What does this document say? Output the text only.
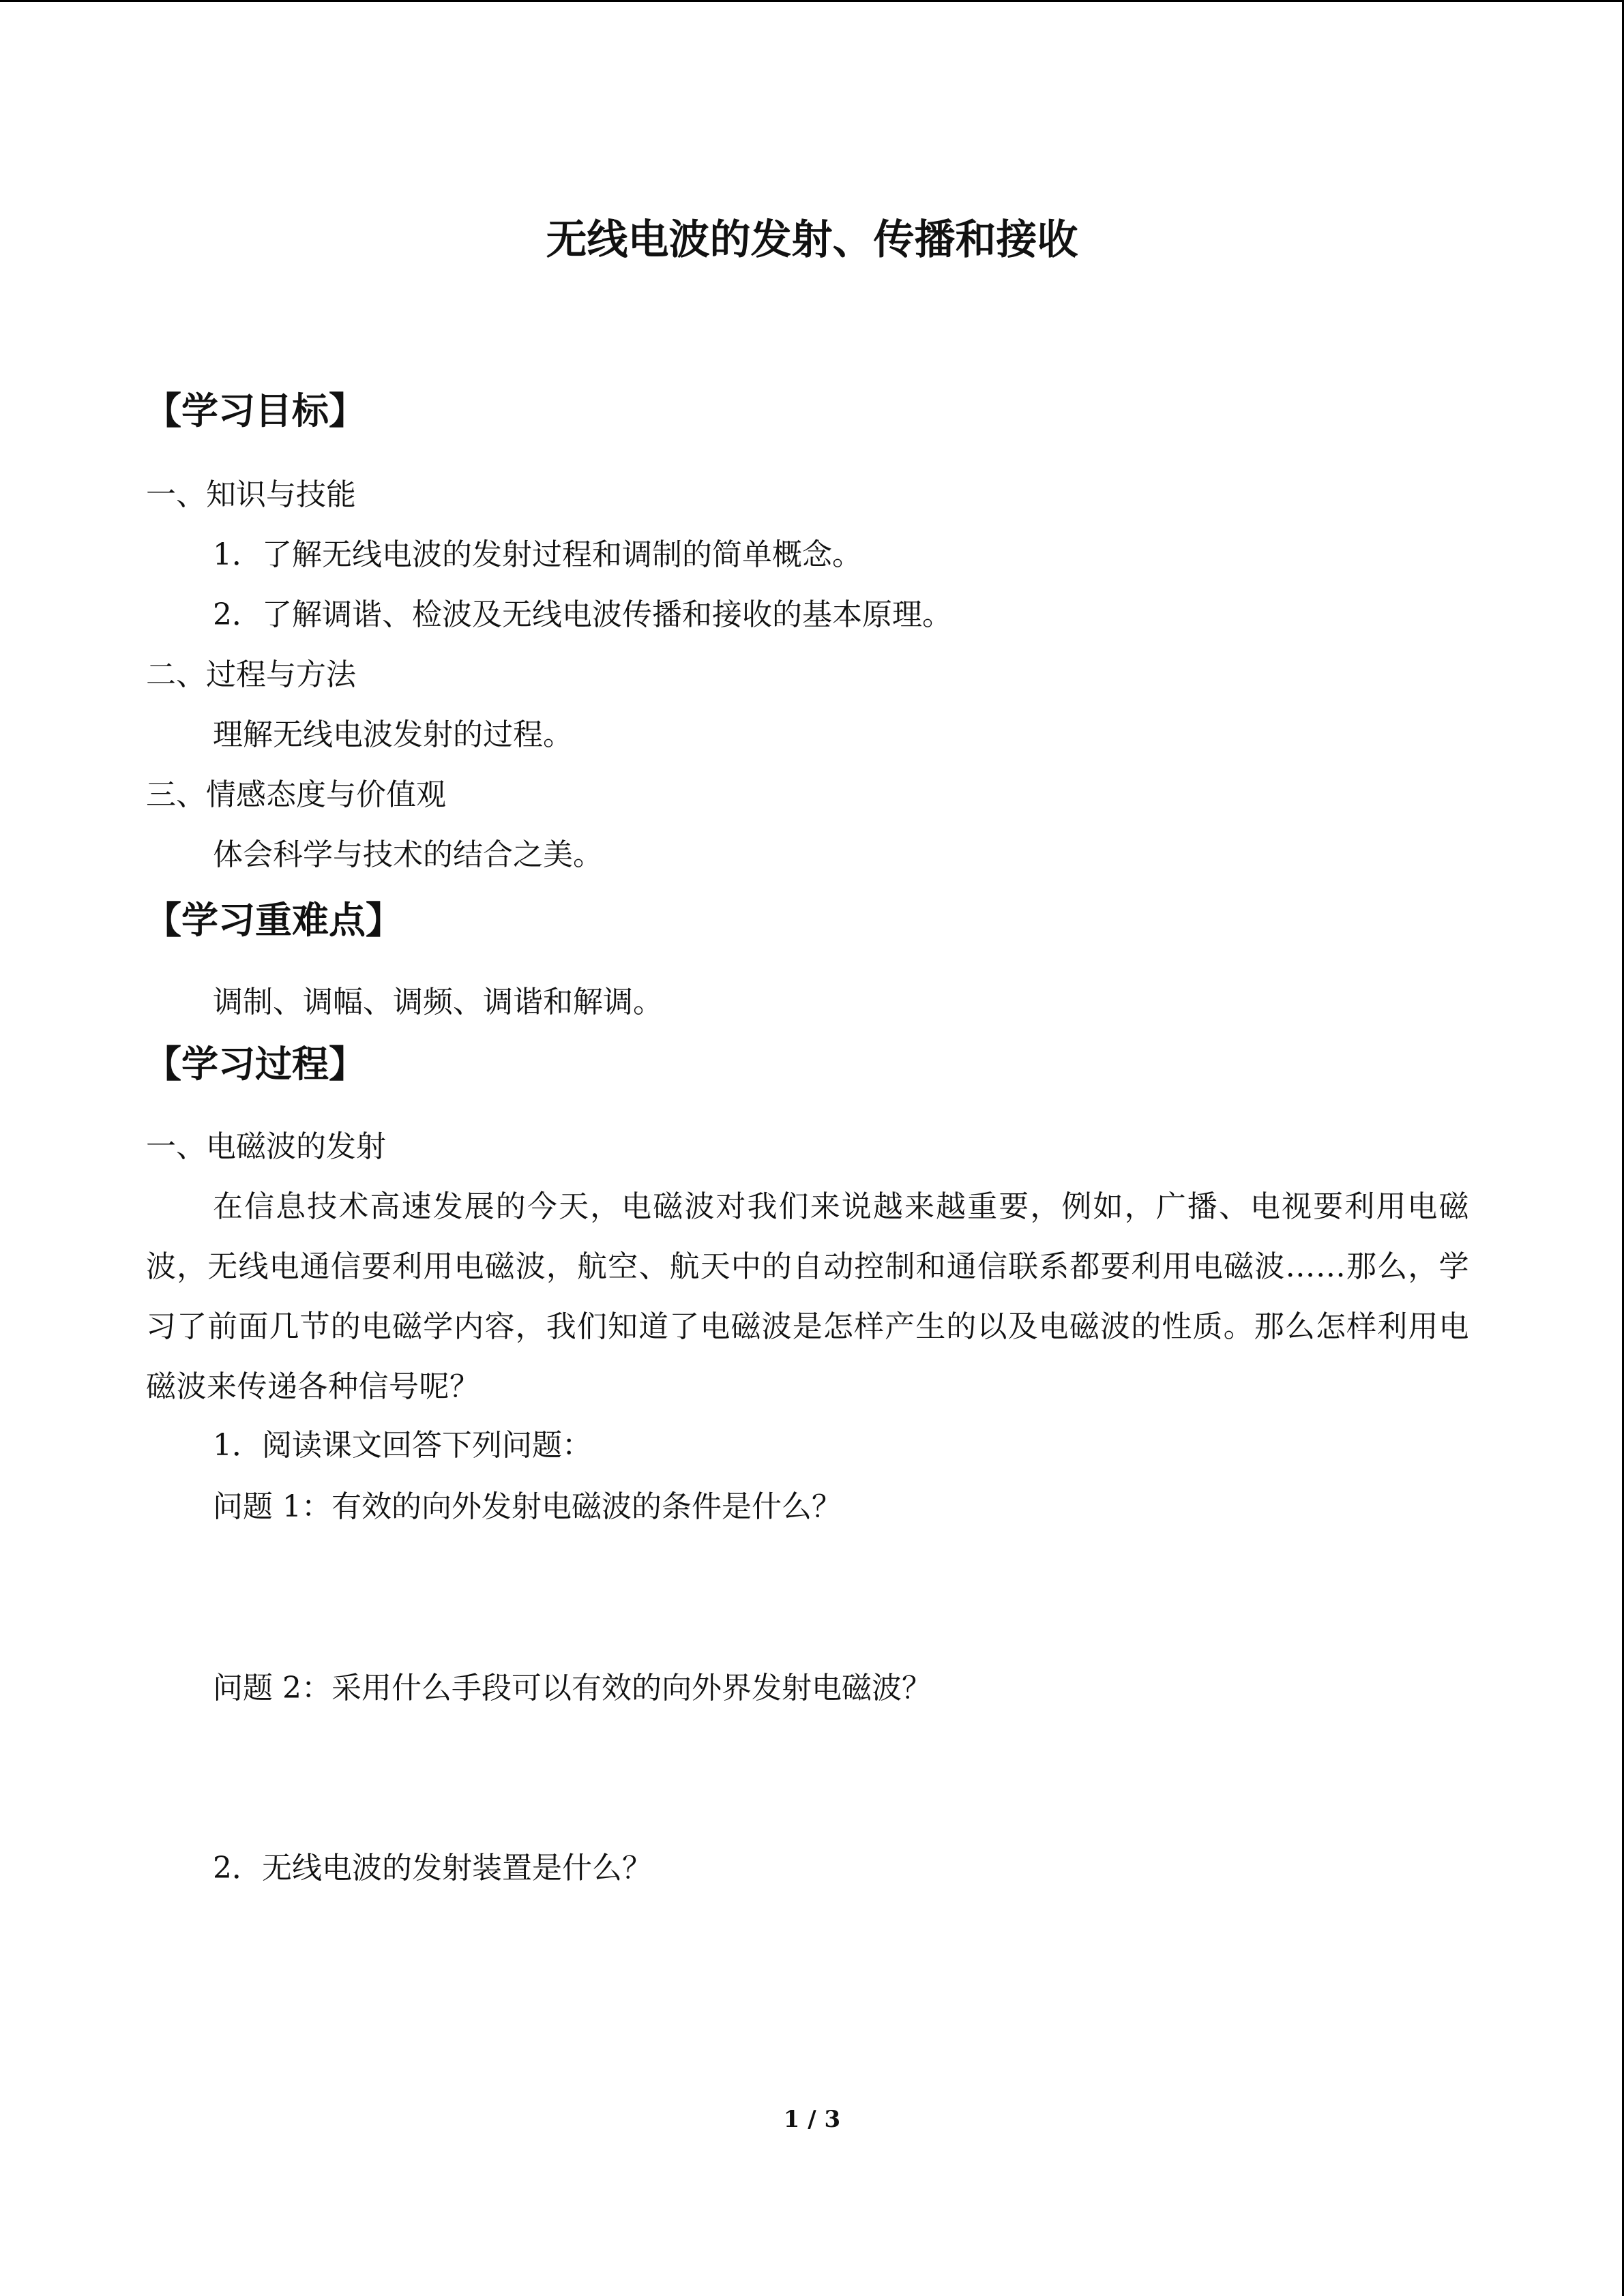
无线电波的发射、传播和接收
【学习目标】
一、知识与技能
1．了解无线电波的发射过程和调制的简单概念。
2．了解调谐、检波及无线电波传播和接收的基本原理。
二、过程与方法
理解无线电波发射的过程。
三、情感态度与价值观
体会科学与技术的结合之美。
【学习重难点】
调制、调幅、调频、调谐和解调。
【学习过程】
一、电磁波的发射
在信息技术高速发展的今天，电磁波对我们来说越来越重要，例如，广播、电视要利用电磁波，无线电通信要利用电磁波，航空、航天中的自动控制和通信联系都要利用电磁波……那么，学习了前面几节的电磁学内容，我们知道了电磁波是怎样产生的以及电磁波的性质。那么怎样利用电磁波来传递各种信号呢？
1．阅读课文回答下列问题：
问题 1：有效的向外发射电磁波的条件是什么？
问题 2：采用什么手段可以有效的向外界发射电磁波？
2．无线电波的发射装置是什么？
1 / 3
